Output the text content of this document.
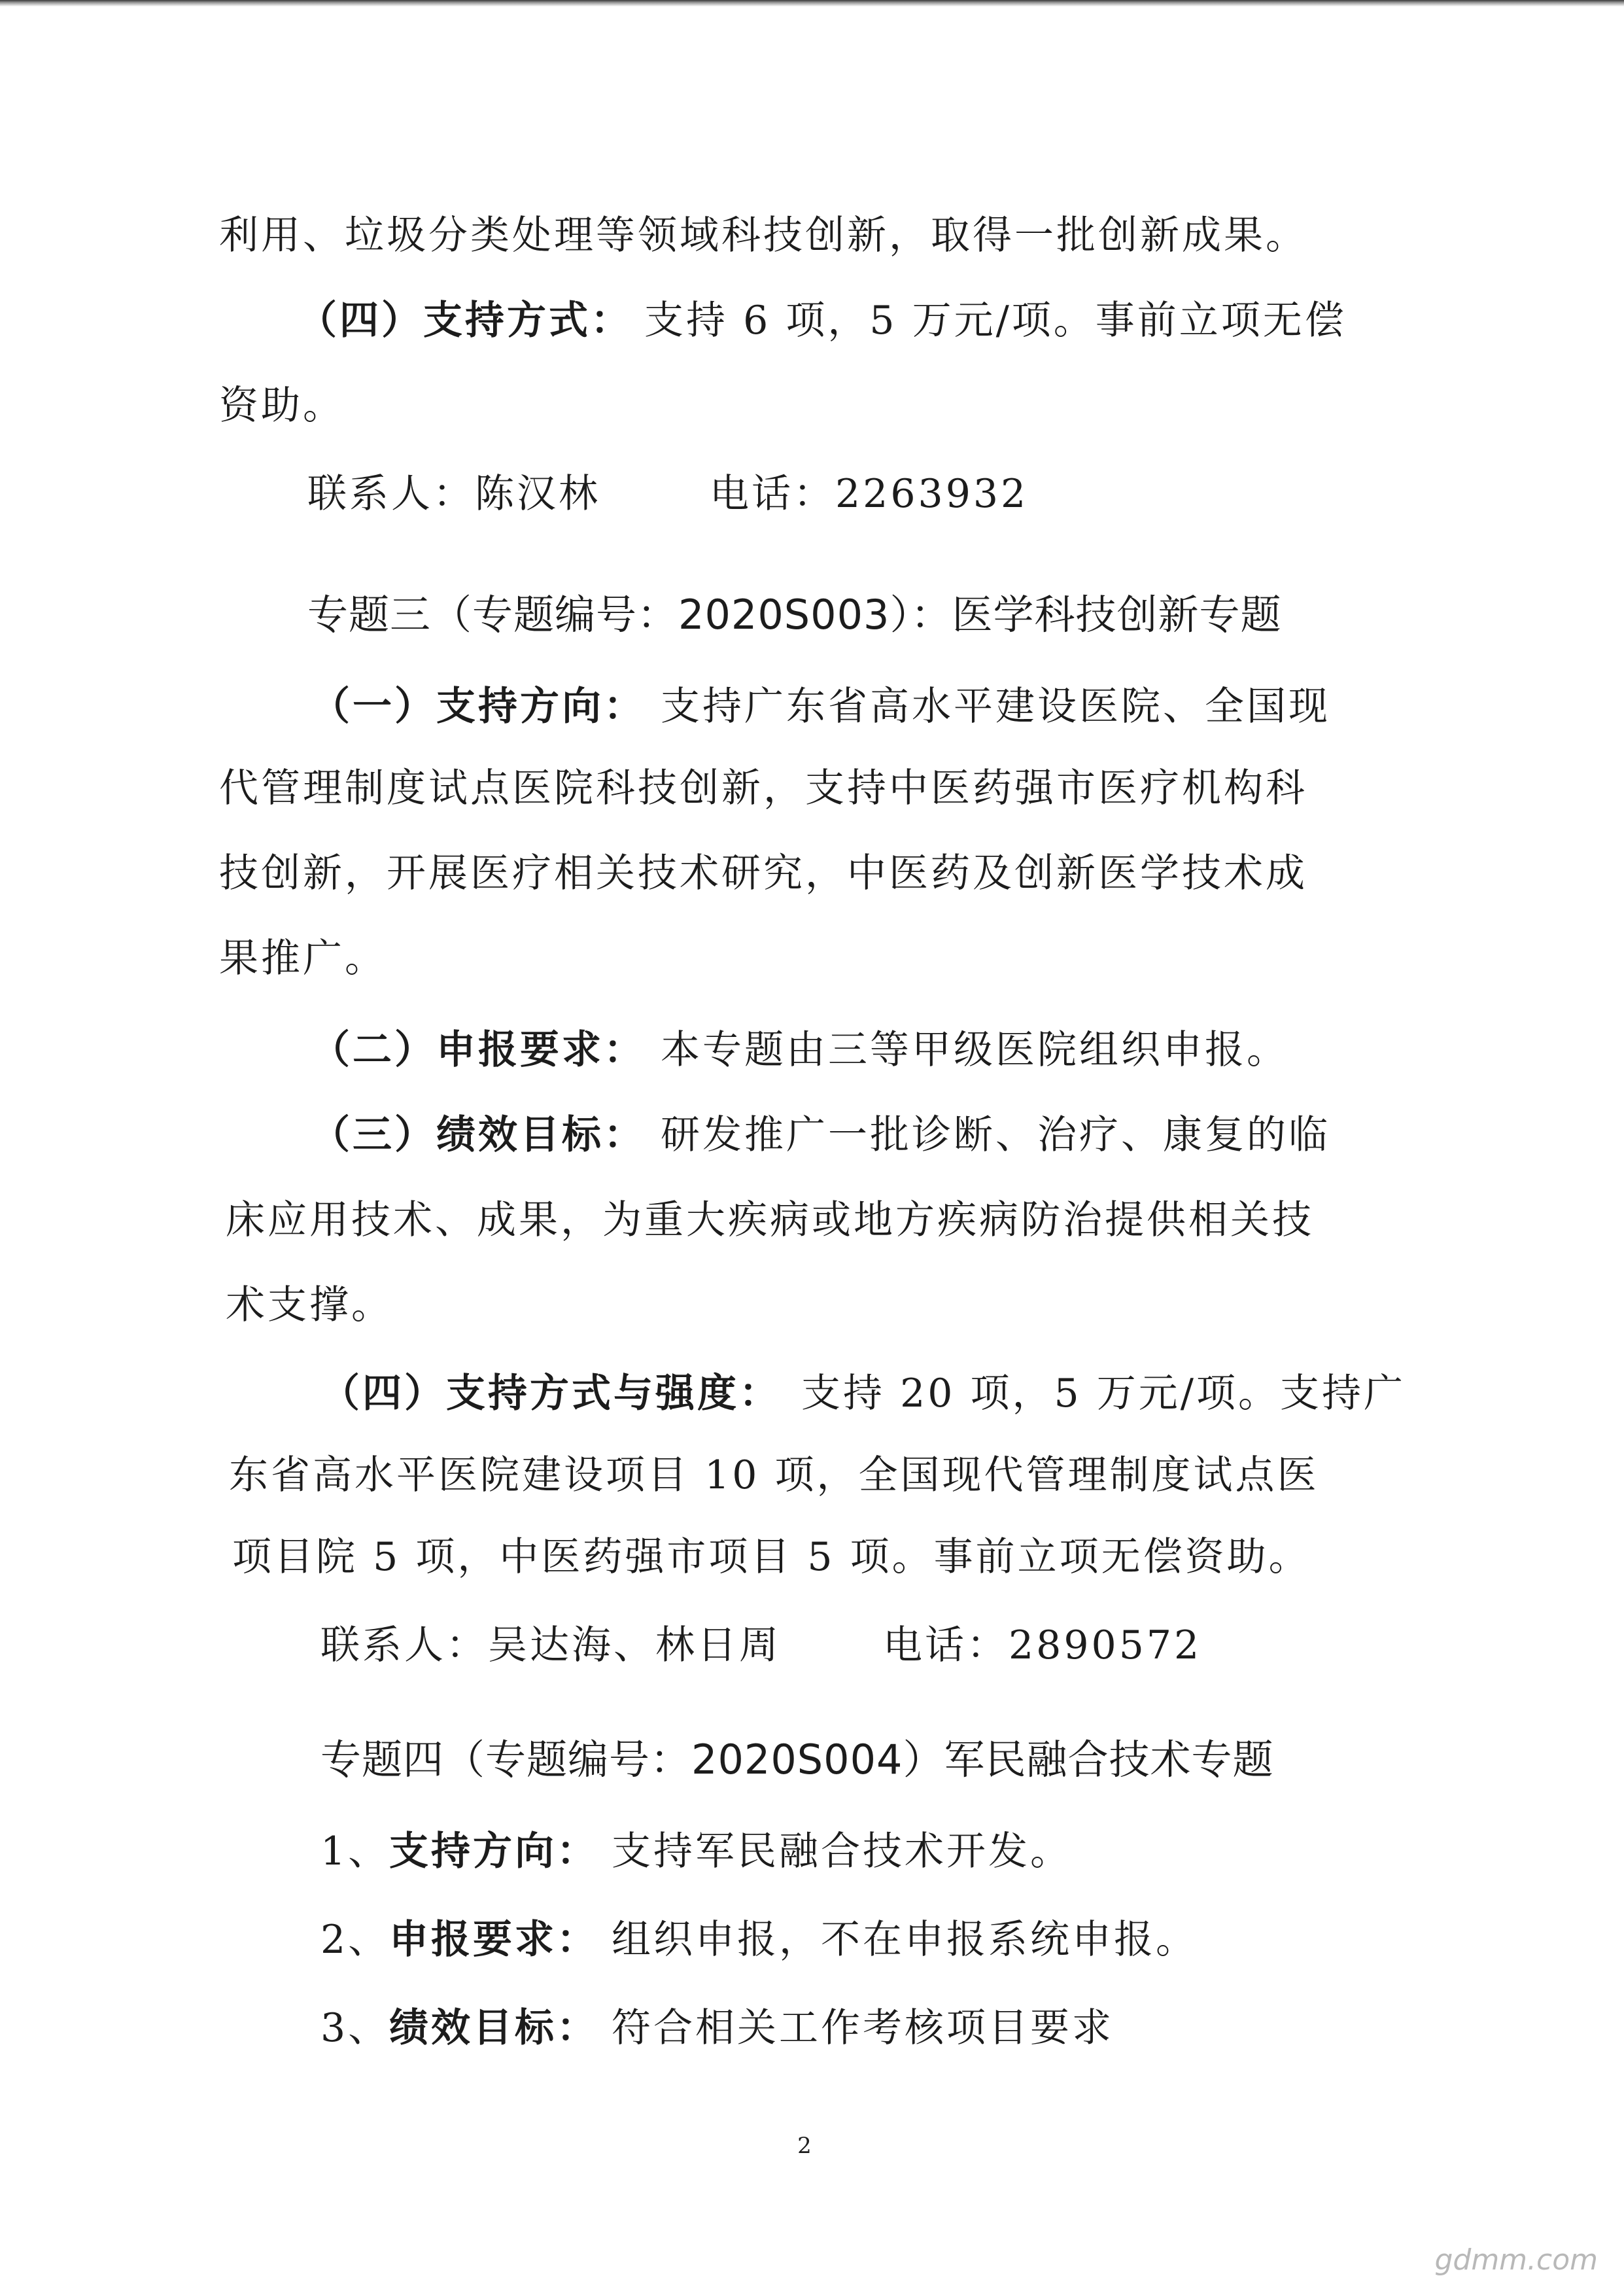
利用、垃圾分类处理等领域科技创新，取得一批创新成果。
（四）支持方式： 支持 6 项，5 万元/项。事前立项无偿
资助。
联系人：陈汉林	电话：2263932
专题三（专题编号：2020S003）：医学科技创新专题
（一）支持方向： 支持广东省高水平建设医院、全国现
代管理制度试点医院科技创新，支持中医药强市医疗机构科
技创新，开展医疗相关技术研究，中医药及创新医学技术成
果推广。
（二）申报要求： 本专题由三等甲级医院组织申报。
（三）绩效目标： 研发推广一批诊断、治疗、康复的临
床应用技术、成果，为重大疾病或地方疾病防治提供相关技
术支撑。
（四）支持方式与强度： 支持 20 项，5 万元/项。支持广
东省高水平医院建设项目 10 项，全国现代管理制度试点医
项目院 5 项，中医药强市项目 5 项。事前立项无偿资助。
联系人：吴达海、林日周	电话：2890572
专题四（专题编号：2020S004）军民融合技术专题
1、
支持方向： 支持军民融合技术开发。
2、
申报要求： 组织申报，不在申报系统申报。
3、
绩效目标： 符合相关工作考核项目要求
2
gdmm.com
